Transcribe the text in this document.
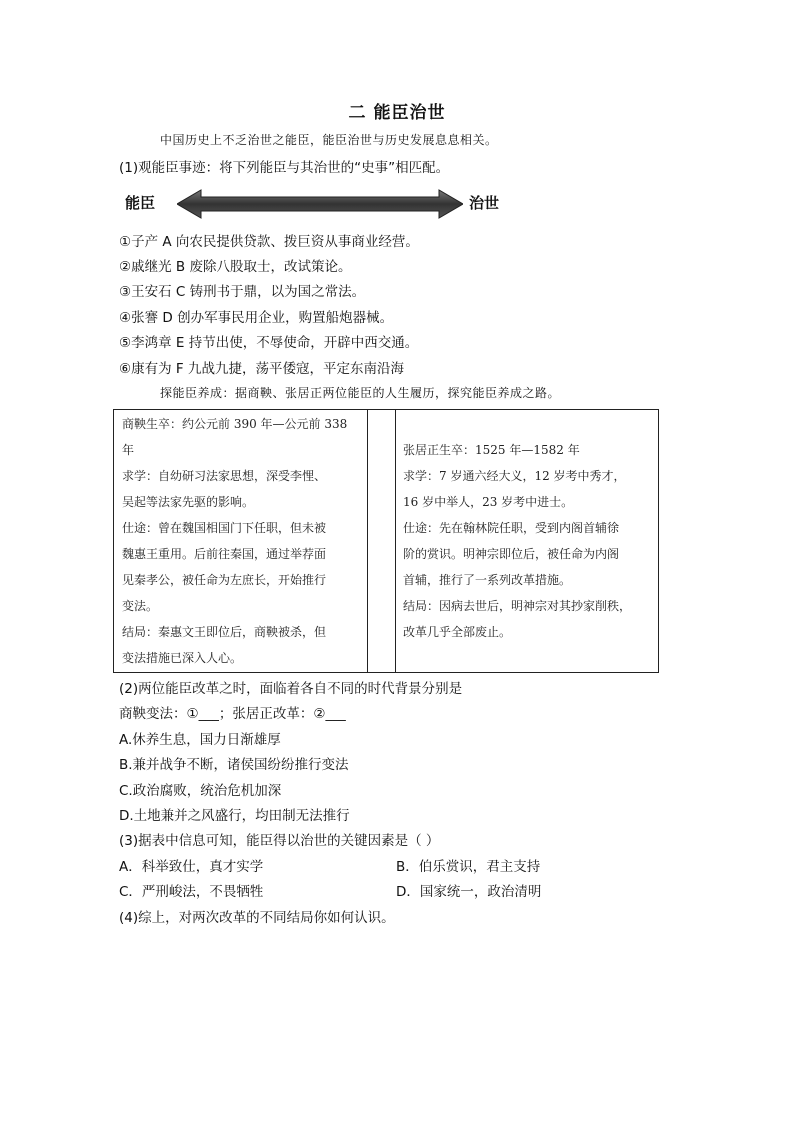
二 能臣治世
中国历史上不乏治世之能臣，能臣治世与历史发展息息相关。
(1)观能臣事迹：将下列能臣与其治世的“史事”相匹配。
能臣	治世
①子产 A 向农民提供贷款、拨巨资从事商业经营。
②戚继光 B 废除八股取士，改试策论。
③王安石 C 铸刑书于鼎，以为国之常法。
④张謇 D 创办军事民用企业，购置船炮器械。
⑤李鸿章 E 持节出使，不辱使命，开辟中西交通。
⑥康有为 F 九战九捷，荡平倭寇，平定东南沿海
探能臣养成：据商鞅、张居正两位能臣的人生履历，探究能臣养成之路。

商鞅生卒：约公元前 390 年—公元前 338

年

求学：自幼研习法家思想，深受李悝、

吴起等法家先驱的影响。

仕途：曾在魏国相国门下任职，但未被

魏惠王重用。后前往秦国，通过举荐面

见秦孝公，被任命为左庶长，开始推行

变法。

结局：秦惠文王即位后，商鞅被杀，但

变法措施已深入人心。

张居正生卒：1525 年—1582 年

求学：7 岁通六经大义，12 岁考中秀才，

16 岁中举人，23 岁考中进士。

仕途：先在翰林院任职，受到内阁首辅徐

阶的赏识。明神宗即位后，被任命为内阁

首辅，推行了一系列改革措施。

结局：因病去世后，明神宗对其抄家削秩，

改革几乎全部废止。

(2)两位能臣改革之时，面临着各自不同的时代背景分别是
商鞅变法：①___；张居正改革：②___
A.休养生息，国力日渐雄厚
B.兼并战争不断，诸侯国纷纷推行变法
C.政治腐败，统治危机加深
D.土地兼并之风盛行，均田制无法推行
(3)据表中信息可知，能臣得以治世的关键因素是（ ）
A．科举致仕，真才实学	B．伯乐赏识，君主支持
C．严刑峻法，不畏牺牲	D．国家统一，政治清明
(4)综上，对两次改革的不同结局你如何认识。
